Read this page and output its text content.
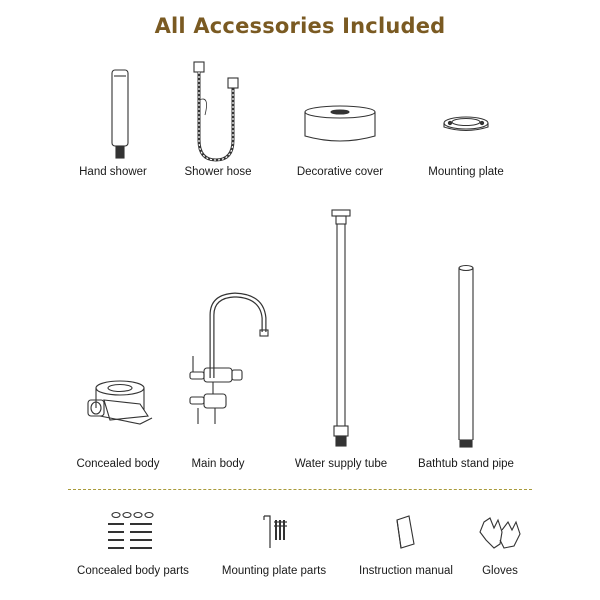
All Accessories Included
Hand shower	Shower hose	Decorative cover	Mounting plate
Concealed body	Main body	Water supply tube	Bathtub stand pipe
Concealed body parts	Mounting plate parts	Instruction manual	Gloves
